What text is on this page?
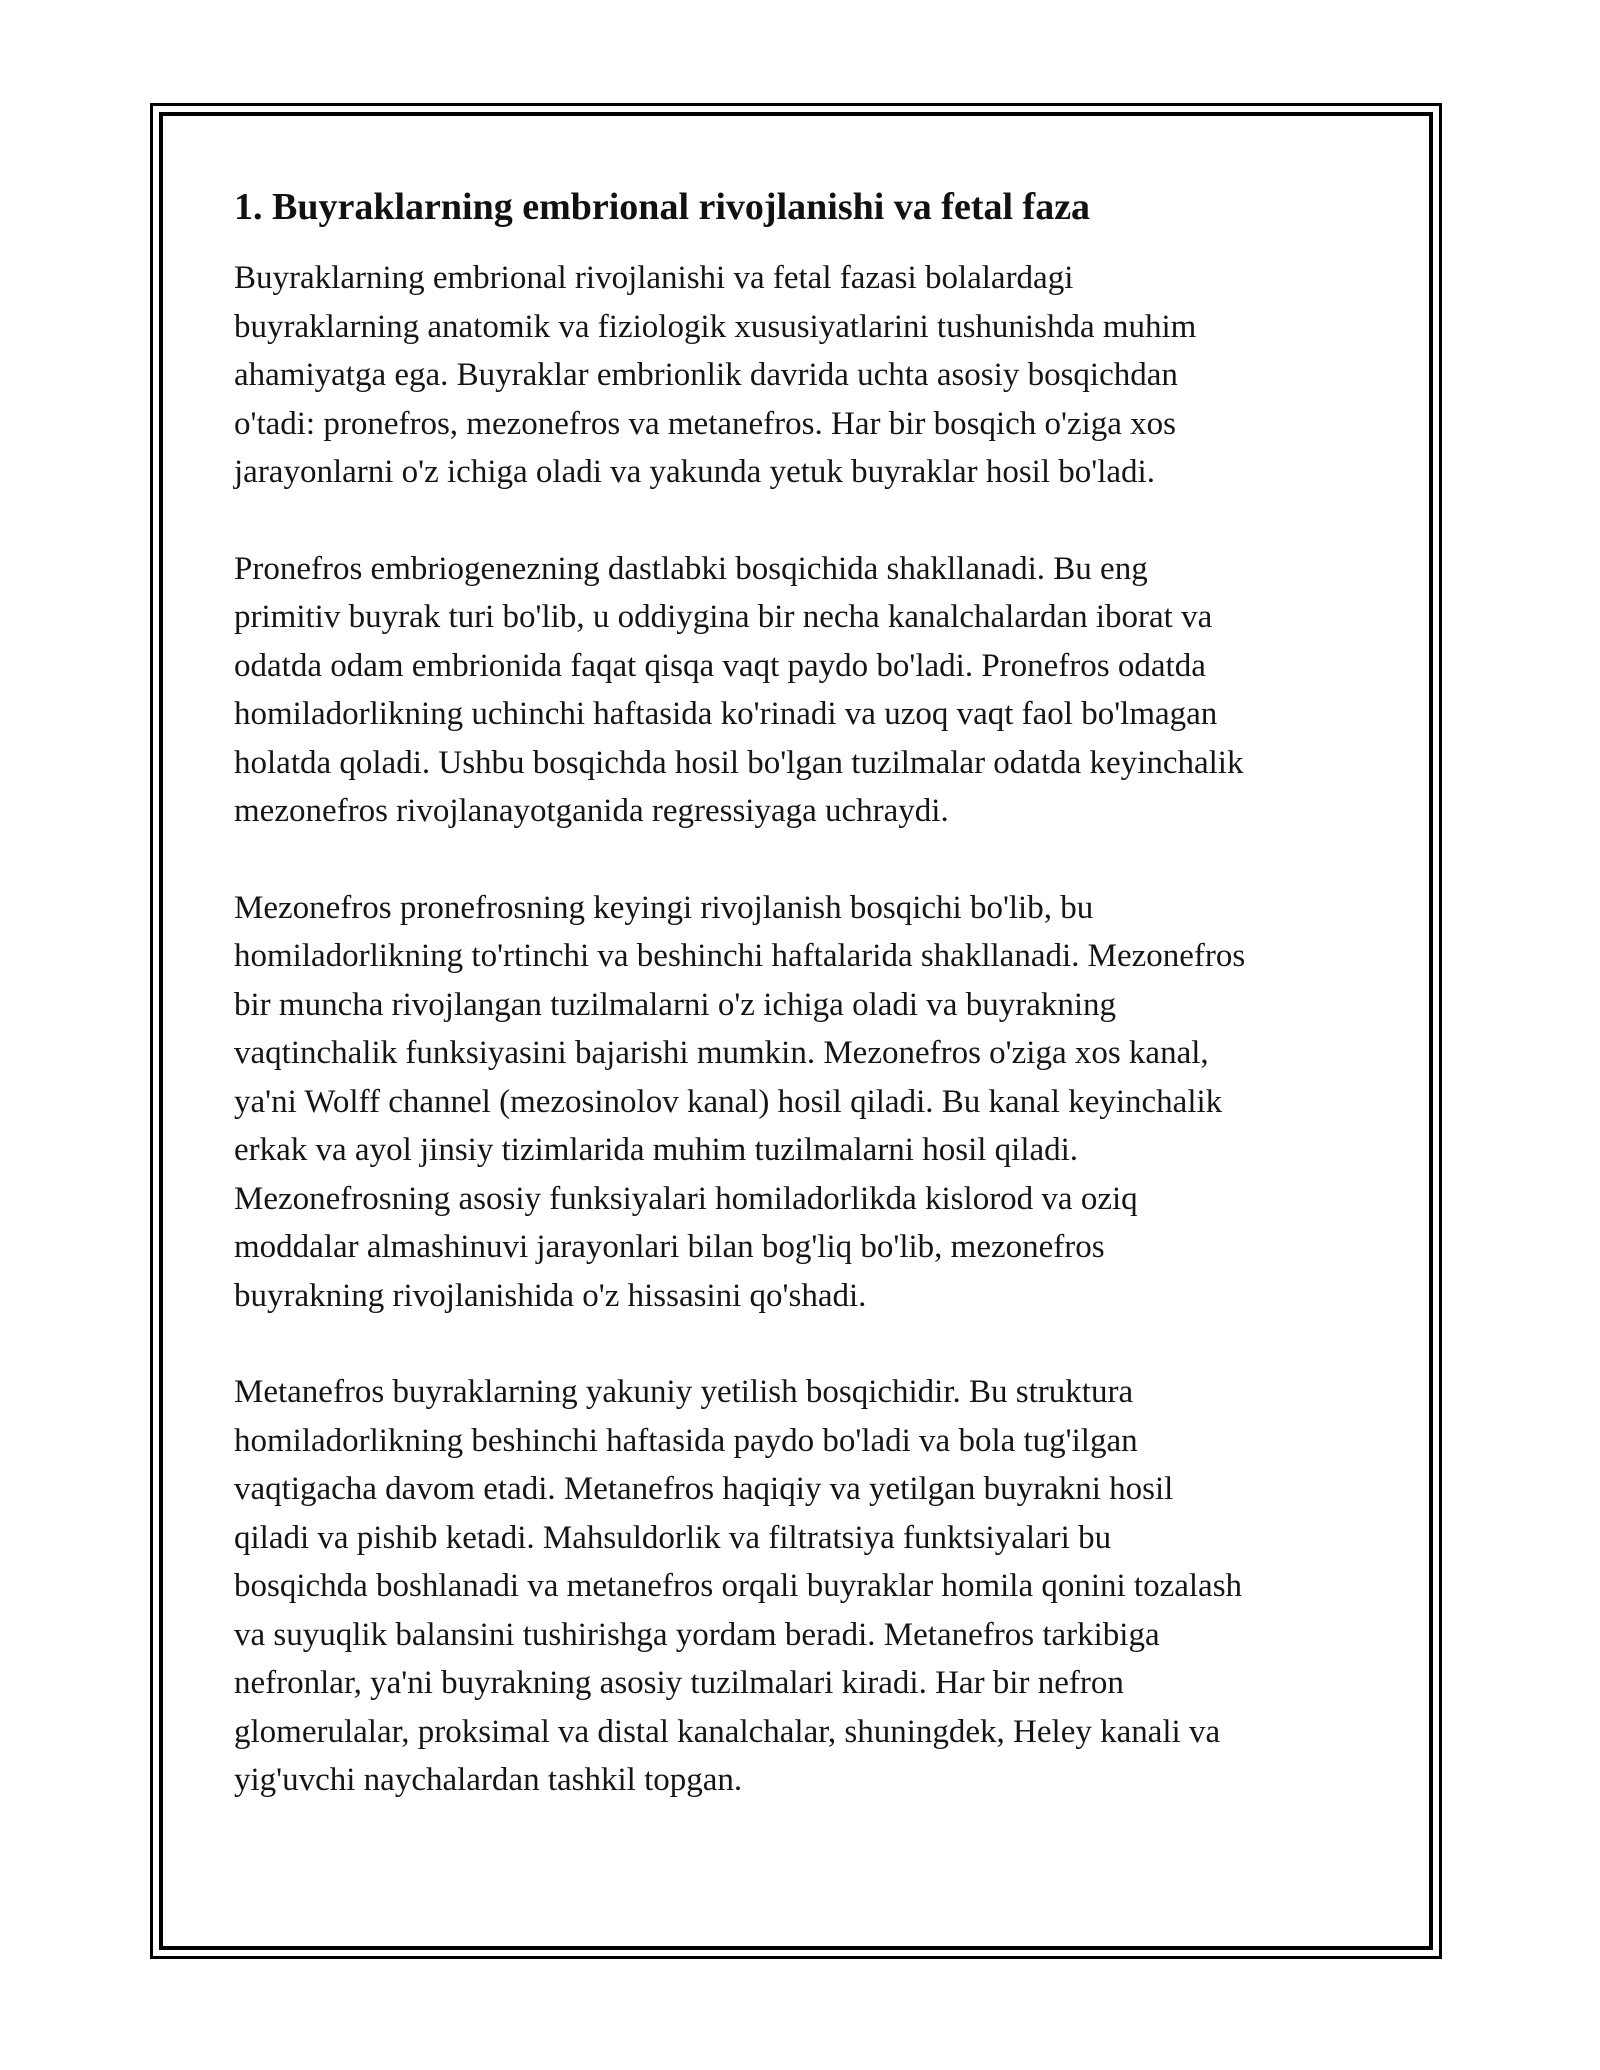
1. Buyraklarning embrional rivojlanishi va fetal faza
Buyraklarning embrional rivojlanishi va fetal fazasi bolalardagi
buyraklarning anatomik va fiziologik xususiyatlarini tushunishda muhim
ahamiyatga ega. Buyraklar embrionlik davrida uchta asosiy bosqichdan
o'tadi: pronefros, mezonefros va metanefros. Har bir bosqich o'ziga xos
jarayonlarni o'z ichiga oladi va yakunda yetuk buyraklar hosil bo'ladi.
Pronefros embriogenezning dastlabki bosqichida shakllanadi. Bu eng
primitiv buyrak turi bo'lib, u oddiygina bir necha kanalchalardan iborat va
odatda odam embrionida faqat qisqa vaqt paydo bo'ladi. Pronefros odatda
homiladorlikning uchinchi haftasida ko'rinadi va uzoq vaqt faol bo'lmagan
holatda qoladi. Ushbu bosqichda hosil bo'lgan tuzilmalar odatda keyinchalik
mezonefros rivojlanayotganida regressiyaga uchraydi.
Mezonefros pronefrosning keyingi rivojlanish bosqichi bo'lib, bu
homiladorlikning to'rtinchi va beshinchi haftalarida shakllanadi. Mezonefros
bir muncha rivojlangan tuzilmalarni o'z ichiga oladi va buyrakning
vaqtinchalik funksiyasini bajarishi mumkin. Mezonefros o'ziga xos kanal,
ya'ni Wolff channel (mezosinolov kanal) hosil qiladi. Bu kanal keyinchalik
erkak va ayol jinsiy tizimlarida muhim tuzilmalarni hosil qiladi.
Mezonefrosning asosiy funksiyalari homiladorlikda kislorod va oziq
moddalar almashinuvi jarayonlari bilan bog'liq bo'lib, mezonefros
buyrakning rivojlanishida o'z hissasini qo'shadi.
Metanefros buyraklarning yakuniy yetilish bosqichidir. Bu struktura
homiladorlikning beshinchi haftasida paydo bo'ladi va bola tug'ilgan
vaqtigacha davom etadi. Metanefros haqiqiy va yetilgan buyrakni hosil
qiladi va pishib ketadi. Mahsuldorlik va filtratsiya funktsiyalari bu
bosqichda boshlanadi va metanefros orqali buyraklar homila qonini tozalash
va suyuqlik balansini tushirishga yordam beradi. Metanefros tarkibiga
nefronlar, ya'ni buyrakning asosiy tuzilmalari kiradi. Har bir nefron
glomerulalar, proksimal va distal kanalchalar, shuningdek, Heley kanali va
yig'uvchi naychalardan tashkil topgan.
